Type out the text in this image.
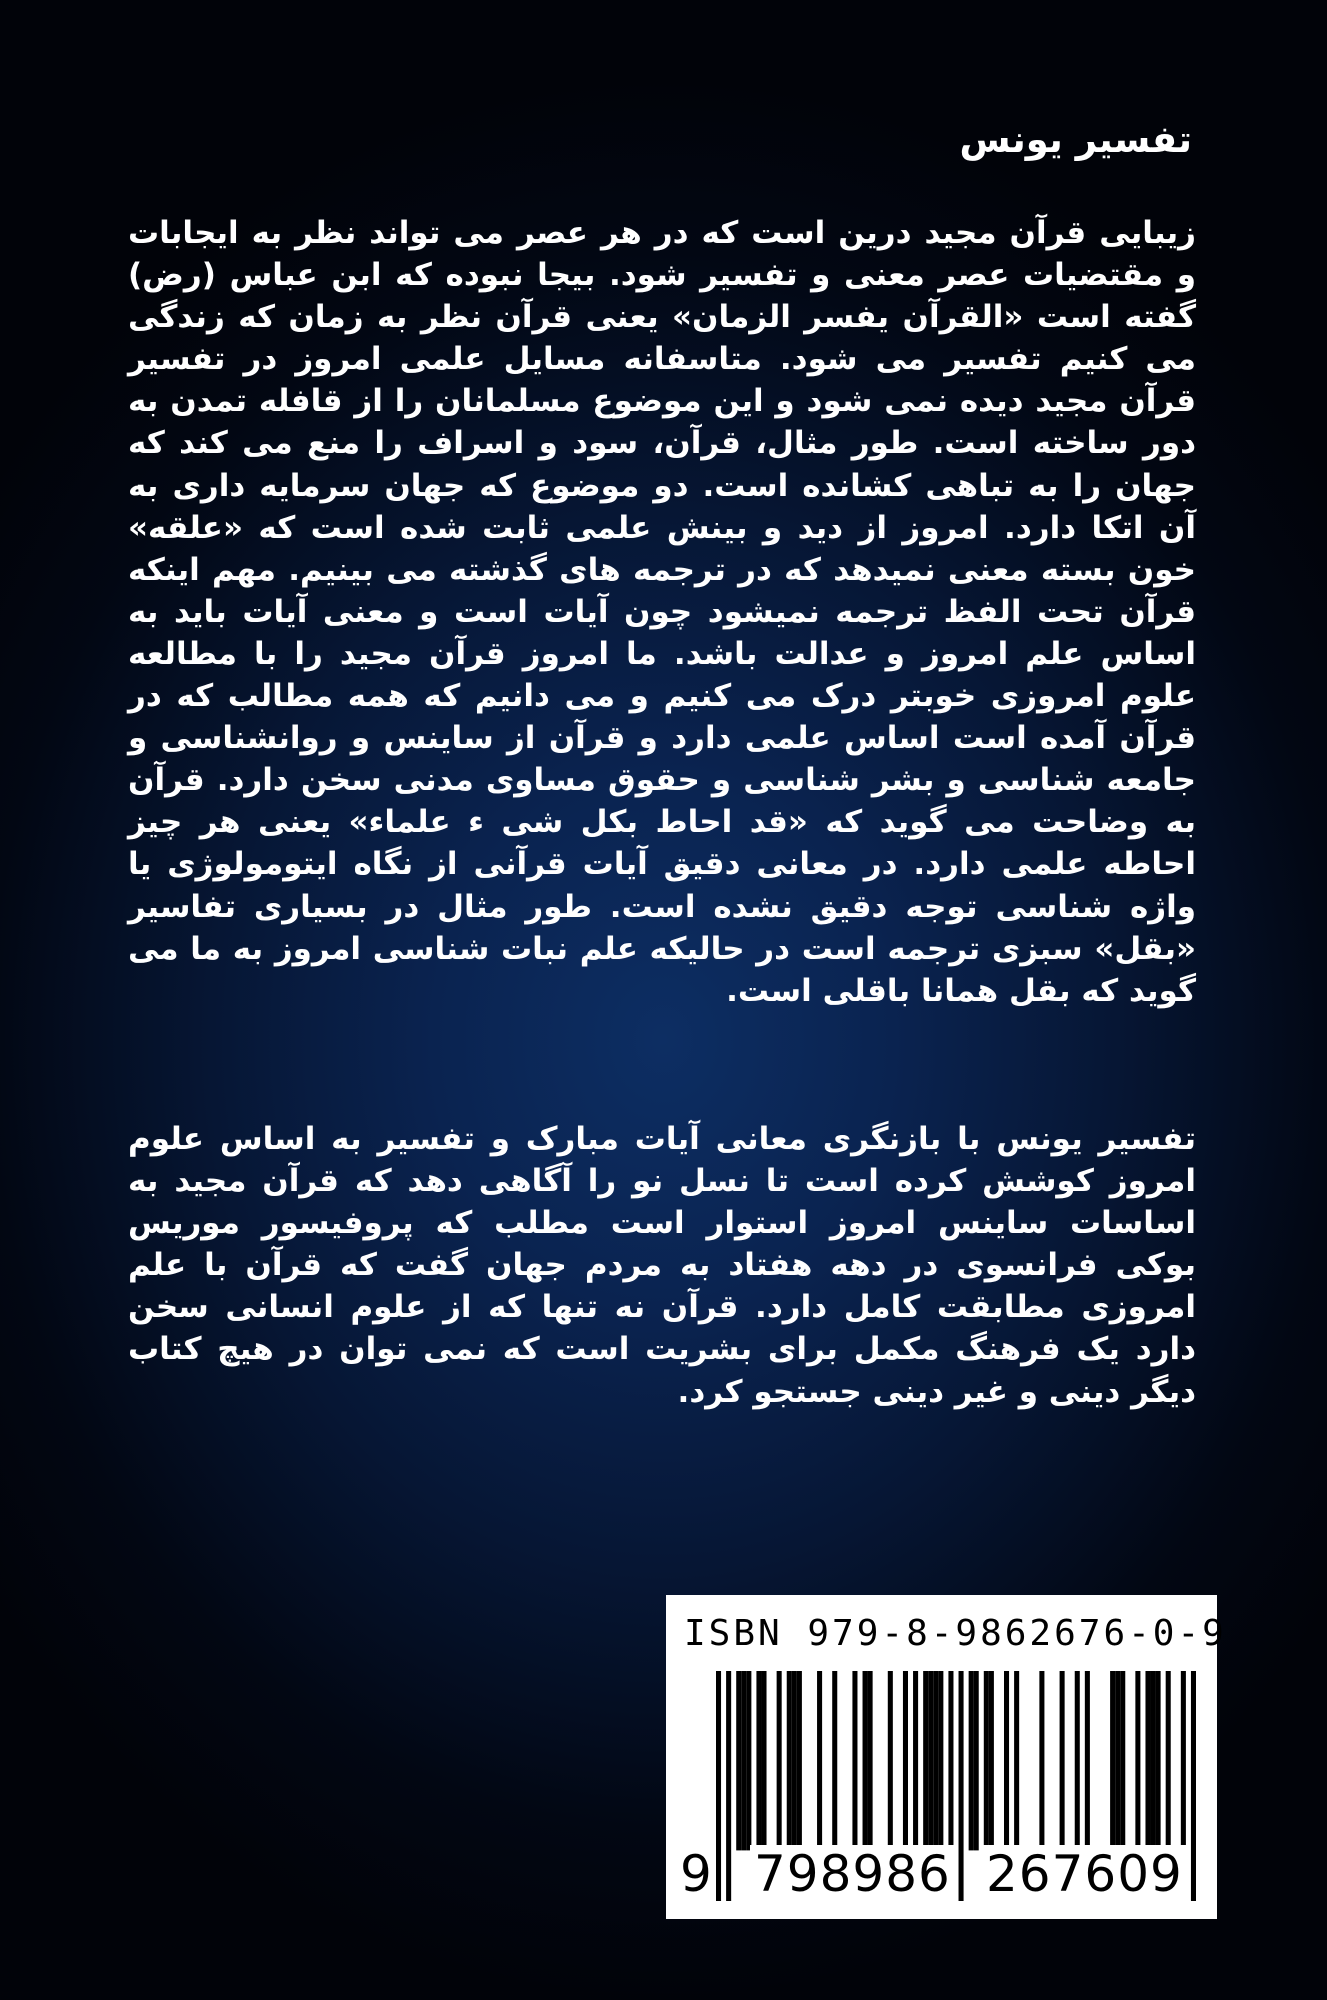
تفسیر یونس

زیبایی قرآن مجید درین است که در هر عصر می تواند نظر به ایجابات و مقتضیات عصر معنی و تفسیر شود. بیجا نبوده که ابن عباس (رض) گفته است «القرآن یفسر الزمان» یعنی قرآن نظر به زمان که زندگی می کنیم تفسیر می شود. متاسفانه مسایل علمی امروز در تفسیر قرآن مجید دیده نمی شود و این موضوع مسلمانان را از قافله تمدن به دور ساخته است. طور مثال، قرآن، سود و اسراف را منع می کند که جهان را به تباهی کشانده است. دو موضوع که جهان سرمایه داری به آن اتکا دارد. امروز از دید و بینش علمی ثابت شده است که «علقه» خون بسته معنی نمیدهد که در ترجمه های گذشته می بینیم. مهم اینکه قرآن تحت الفظ ترجمه نمیشود چون آیات است و معنی آیات باید به اساس علم امروز و عدالت باشد. ما امروز قرآن مجید را با مطالعه علوم امروزی خوبتر درک می کنیم و می دانیم که همه مطالب که در قرآن آمده است اساس علمی دارد و قرآن از ساینس و روانشناسی و جامعه شناسی و بشر شناسی و حقوق مساوی مدنی سخن دارد. قرآن به وضاحت می گوید که «قد احاط بکل شی ء علماء» یعنی هر چیز احاطه علمی دارد. در معانی دقیق آیات قرآنی از نگاه ایتومولوژی یا واژه شناسی توجه دقیق نشده است. طور مثال در بسیاری تفاسیر «بقل» سبزی ترجمه است در حالیکه علم نبات شناسی امروز به ما می گوید که بقل همانا باقلی است.

تفسیر یونس با بازنگری معانی آیات مبارک و تفسیر به اساس علوم امروز کوشش کرده است تا نسل نو را آگاهی دهد که قرآن مجید به اساسات ساینس امروز استوار است مطلب که پروفیسور موریس بوکی فرانسوی در دهه هفتاد به مردم جهان گفت که قرآن با علم امروزی مطابقت کامل دارد. قرآن نه تنها که از علوم انسانی سخن دارد یک فرهنگ مکمل برای بشریت است که نمی توان در هیچ کتاب دیگر دینی و غیر دینی جستجو کرد.

ISBN 979-8-9862676-0-9
9 798986 267609
